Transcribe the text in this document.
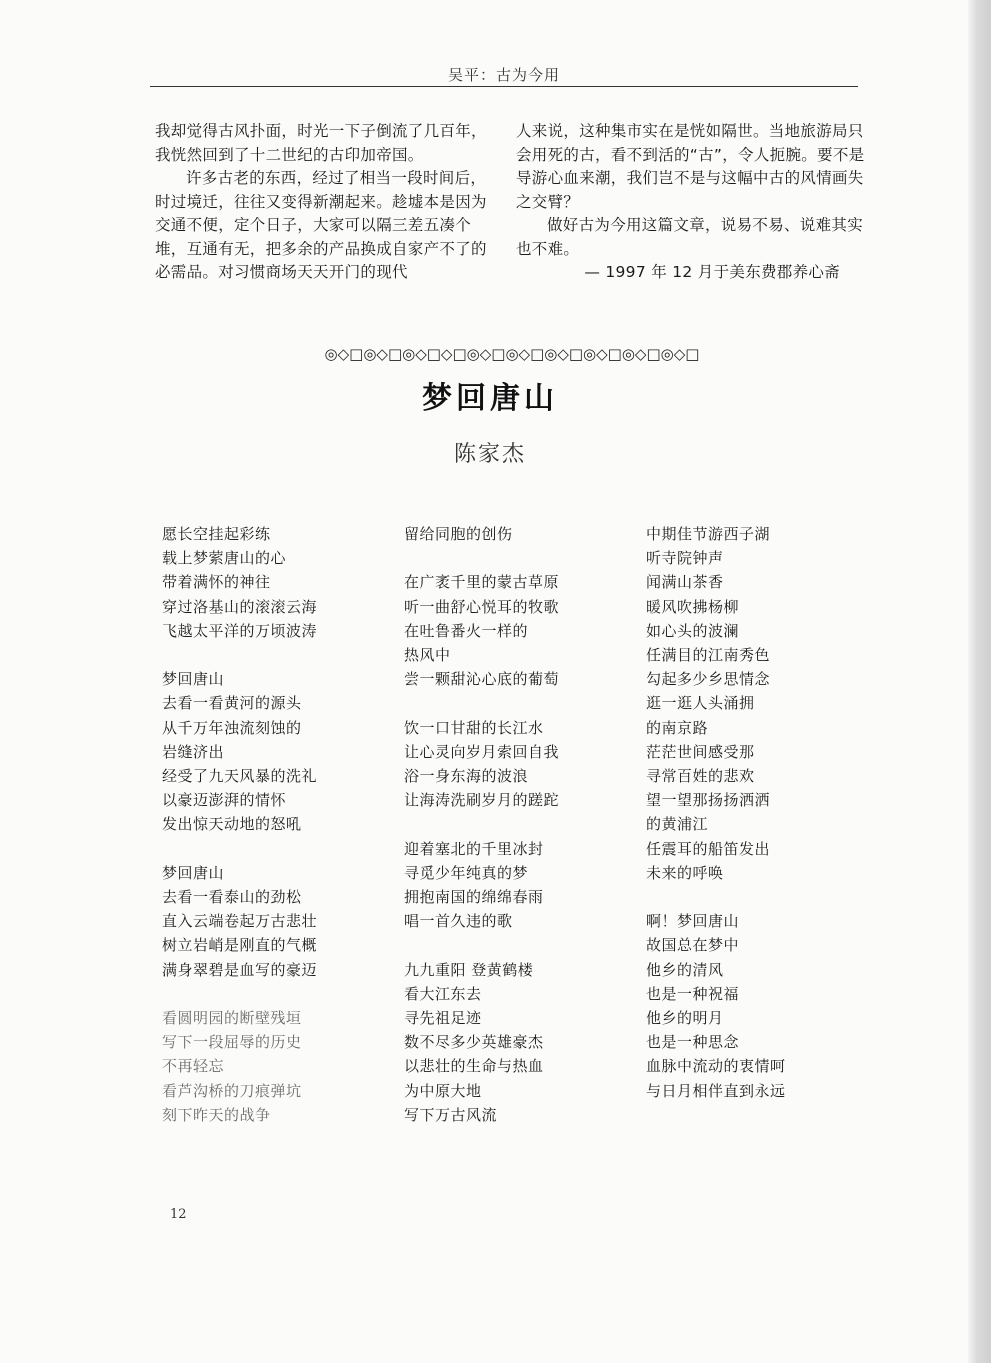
吴平：古为今用

我却觉得古风扑面，时光一下子倒流了几百年，我恍然回到了十二世纪的古印加帝国。

许多古老的东西，经过了相当一段时间后，时过境迁，往往又变得新潮起来。趁墟本是因为交通不便，定个日子，大家可以隔三差五凑个堆，互通有无，把多余的产品换成自家产不了的必需品。对习惯商场天天开门的现代

人来说，这种集市实在是恍如隔世。当地旅游局只会用死的古，看不到活的“古”，令人扼腕。要不是导游心血来潮，我们岂不是与这幅中古的风情画失之交臂？

做好古为今用这篇文章，说易不易、说难其实也不难。

— 1997 年 12 月于美东费郡养心斋

◎◇□◎◇□◎◇□◇□◎◇□◎◇□◎◇□◎◇□◎◇□◎◇□
梦回唐山
陈家杰
愿长空挂起彩练
载上梦萦唐山的心
带着满怀的神往
穿过洛基山的滚滚云海
飞越太平洋的万顷波涛
梦回唐山
去看一看黄河的源头
从千万年浊流刻蚀的
岩缝济出
经受了九天风暴的洗礼
以豪迈澎湃的情怀
发出惊天动地的怒吼
梦回唐山
去看一看泰山的劲松
直入云端卷起万古悲壮
树立岩峭是刚直的气概
满身翠碧是血写的豪迈
看圆明园的断壁残垣
写下一段屈辱的历史
不再轻忘
看芦沟桥的刀痕弹坑
刻下昨天的战争
留给同胞的创伤
在广袤千里的蒙古草原
听一曲舒心悦耳的牧歌
在吐鲁番火一样的
热风中
尝一颗甜沁心底的葡萄
饮一口甘甜的长江水
让心灵向岁月索回自我
浴一身东海的波浪
让海涛洗刷岁月的蹉跎
迎着塞北的千里冰封
寻觅少年纯真的梦
拥抱南国的绵绵春雨
唱一首久违的歌
九九重阳 登黄鹤楼
看大江东去
寻先祖足迹
数不尽多少英雄豪杰
以悲壮的生命与热血
为中原大地
写下万古风流
中期佳节游西子湖
听寺院钟声
闻满山茶香
暖风吹拂杨柳
如心头的波澜
任满目的江南秀色
勾起多少乡思情念
逛一逛人头涌拥
的南京路
茫茫世间感受那
寻常百姓的悲欢
望一望那扬扬洒洒
的黄浦江
任震耳的船笛发出
未来的呼唤
啊！梦回唐山
故国总在梦中
他乡的清风
也是一种祝福
他乡的明月
也是一种思念
血脉中流动的衷情呵
与日月相伴直到永远
12
